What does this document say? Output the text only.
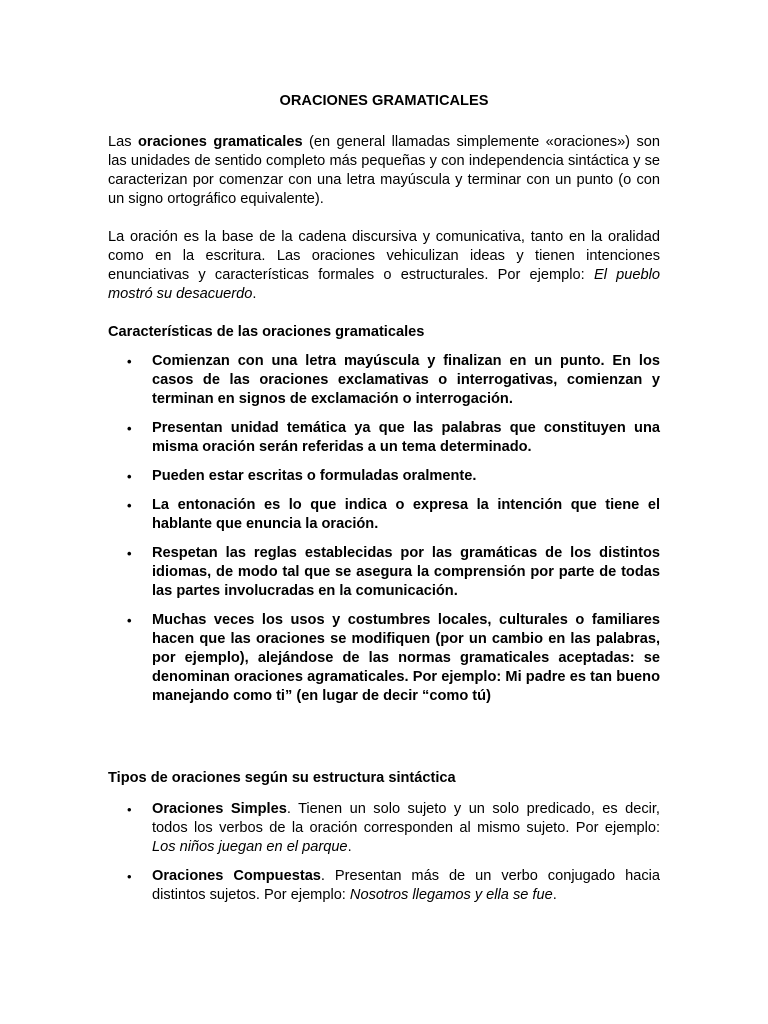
ORACIONES GRAMATICALES

Las oraciones gramaticales (en general llamadas simplemente «oraciones») son las unidades de sentido completo más pequeñas y con independencia sintáctica y se caracterizan por comenzar con una letra mayúscula y terminar con un punto (o con un signo ortográfico equivalente).

La oración es la base de la cadena discursiva y comunicativa, tanto en la oralidad como en la escritura. Las oraciones vehiculizan ideas y tienen intenciones enunciativas y características formales o estructurales. Por ejemplo: El pueblo mostró su desacuerdo.

Características de las oraciones gramaticales
• Comienzan con una letra mayúscula y finalizan en un punto. En los casos de las oraciones exclamativas o interrogativas, comienzan y terminan en signos de exclamación o interrogación.
• Presentan unidad temática ya que las palabras que constituyen una misma oración serán referidas a un tema determinado.
• Pueden estar escritas o formuladas oralmente.
• La entonación es lo que indica o expresa la intención que tiene el hablante que enuncia la oración.
• Respetan las reglas establecidas por las gramáticas de los distintos idiomas, de modo tal que se asegura la comprensión por parte de todas las partes involucradas en la comunicación.
• Muchas veces los usos y costumbres locales, culturales o familiares hacen que las oraciones se modifiquen (por un cambio en las palabras, por ejemplo), alejándose de las normas gramaticales aceptadas: se denominan oraciones agramaticales. Por ejemplo: Mi padre es tan bueno manejando como ti” (en lugar de decir “como tú)
Tipos de oraciones según su estructura sintáctica
• Oraciones Simples. Tienen un solo sujeto y un solo predicado, es decir, todos los verbos de la oración corresponden al mismo sujeto. Por ejemplo: Los niños juegan en el parque.
• Oraciones Compuestas. Presentan más de un verbo conjugado hacia distintos sujetos. Por ejemplo: Nosotros llegamos y ella se fue.
